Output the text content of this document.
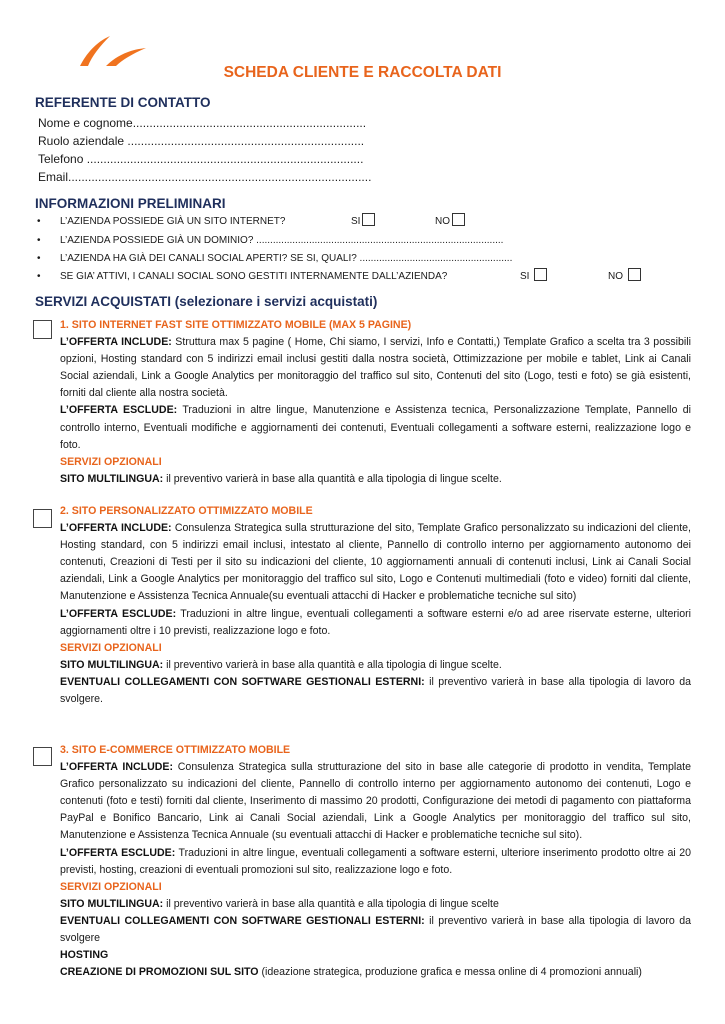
SCHEDA CLIENTE E RACCOLTA DATI
REFERENTE DI CONTATTO
Nome e cognome......................................................................
Ruolo aziendale .......................................................................
Telefono ...................................................................................
Email...........................................................................................
INFORMAZIONI PRELIMINARI
• L’AZIENDA POSSIEDE GIÀ UN SITO INTERNET?	SI	NO
• L’AZIENDA POSSIEDE GIÀ UN DOMINIO? .........................................................................................
• L’AZIENDA HA GIÀ DEI CANALI SOCIAL APERTI? SE SI, QUALI? .......................................................
• SE GIA’ ATTIVI, I CANALI SOCIAL SONO GESTITI INTERNAMENTE DALL’AZIENDA?	SI	NO
SERVIZI ACQUISTATI (selezionare i servizi acquistati)
1. SITO INTERNET FAST SITE OTTIMIZZATO MOBILE (MAX 5 PAGINE)
L’OFFERTA INCLUDE: Struttura max 5 pagine ( Home, Chi siamo, I servizi, Info e Contatti,) Template Grafico a scelta tra 3 possibili opzioni, Hosting standard con 5 indirizzi email inclusi gestiti dalla nostra società, Ottimizzazione per mobile e tablet, Link ai Canali Social aziendali, Link a Google Analytics per monitoraggio del traffico sul sito, Contenuti del sito (Logo, testi e foto) se già esistenti, forniti dal cliente alla nostra società.
L’OFFERTA ESCLUDE: Traduzioni in altre lingue, Manutenzione e Assistenza tecnica, Personalizzazione Template, Pannello di controllo interno, Eventuali modifiche e aggiornamenti dei contenuti, Eventuali collegamenti a software esterni, realizzazione logo e foto.
SERVIZI OPZIONALI
SITO MULTILINGUA: il preventivo varierà in base alla quantità e alla tipologia di lingue scelte.
2. SITO PERSONALIZZATO OTTIMIZZATO MOBILE
L’OFFERTA INCLUDE: Consulenza Strategica sulla strutturazione del sito, Template Grafico personalizzato su indicazioni del cliente, Hosting standard, con 5 indirizzi email inclusi, intestato al cliente, Pannello di controllo interno per aggiornamento autonomo dei contenuti, Creazioni di Testi per il sito su indicazioni del cliente, 10 aggiornamenti annuali di contenuti inclusi, Link ai Canali Social aziendali, Link a Google Analytics per monitoraggio del traffico sul sito, Logo e Contenuti multimediali (foto e video) forniti dal cliente, Manutenzione e Assistenza Tecnica Annuale(su eventuali attacchi di Hacker e problematiche tecniche sul sito)
L’OFFERTA ESCLUDE: Traduzioni in altre lingue, eventuali collegamenti a software esterni e/o ad aree riservate esterne, ulteriori aggiornamenti oltre i 10 previsti, realizzazione logo e foto.
SERVIZI OPZIONALI
SITO MULTILINGUA: il preventivo varierà in base alla quantità e alla tipologia di lingue scelte.
EVENTUALI COLLEGAMENTI CON SOFTWARE GESTIONALI ESTERNI: il preventivo varierà in base alla tipologia di lavoro da svolgere.
3. SITO E-COMMERCE OTTIMIZZATO MOBILE
L’OFFERTA INCLUDE: Consulenza Strategica sulla strutturazione del sito in base alle categorie di prodotto in vendita, Template Grafico personalizzato su indicazioni del cliente, Pannello di controllo interno per aggiornamento autonomo dei contenuti, Logo e contenuti (foto e testi) forniti dal cliente, Inserimento di massimo 20 prodotti, Configurazione dei metodi di pagamento con piattaforma PayPal e Bonifico Bancario, Link ai Canali Social aziendali, Link a Google Analytics per monitoraggio del traffico sul sito, Manutenzione e Assistenza Tecnica Annuale (su eventuali attacchi di Hacker e problematiche tecniche sul sito).
L’OFFERTA ESCLUDE: Traduzioni in altre lingue, eventuali collegamenti a software esterni, ulteriore inserimento prodotto oltre ai 20 previsti, hosting, creazioni di eventuali promozioni sul sito, realizzazione logo e foto.
SERVIZI OPZIONALI
SITO MULTILINGUA: il preventivo varierà in base alla quantità e alla tipologia di lingue scelte
EVENTUALI COLLEGAMENTI CON SOFTWARE GESTIONALI ESTERNI: il preventivo varierà in base alla tipologia di lavoro da svolgere
HOSTING
CREAZIONE DI PROMOZIONI SUL SITO (ideazione strategica, produzione grafica e messa online di 4 promozioni annuali)
